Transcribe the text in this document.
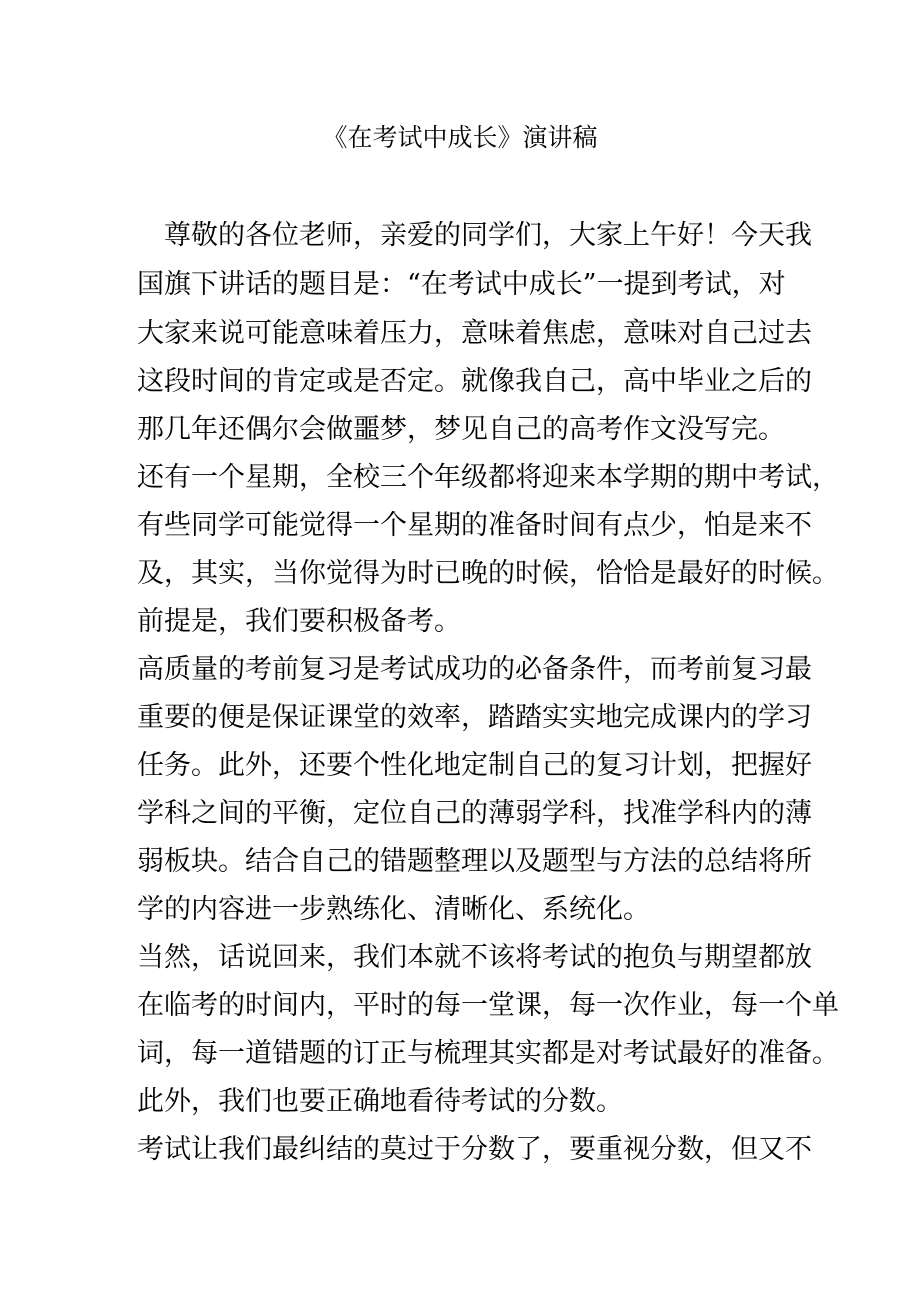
《在考试中成长》演讲稿
尊敬的各位老师，亲爱的同学们，大家上午好！今天我
国旗下讲话的题目是：“在考试中成长”一提到考试，对
大家来说可能意味着压力，意味着焦虑，意味对自己过去
这段时间的肯定或是否定。就像我自己，高中毕业之后的
那几年还偶尔会做噩梦，梦见自己的高考作文没写完。
还有一个星期，全校三个年级都将迎来本学期的期中考试，
有些同学可能觉得一个星期的准备时间有点少，怕是来不
及，其实，当你觉得为时已晚的时候，恰恰是最好的时候。
前提是，我们要积极备考。
高质量的考前复习是考试成功的必备条件，而考前复习最
重要的便是保证课堂的效率，踏踏实实地完成课内的学习
任务。此外，还要个性化地定制自己的复习计划，把握好
学科之间的平衡，定位自己的薄弱学科，找准学科内的薄
弱板块。结合自己的错题整理以及题型与方法的总结将所
学的内容进一步熟练化、清晰化、系统化。
当然，话说回来，我们本就不该将考试的抱负与期望都放
在临考的时间内，平时的每一堂课，每一次作业，每一个单
词，每一道错题的订正与梳理其实都是对考试最好的准备。
此外，我们也要正确地看待考试的分数。
考试让我们最纠结的莫过于分数了，要重视分数，但又不
